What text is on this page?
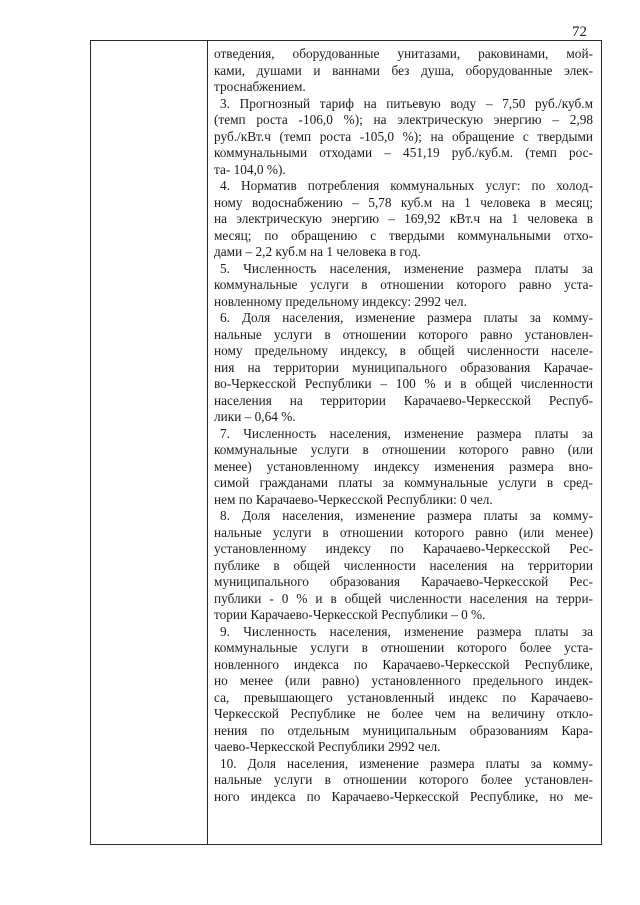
72
отведения, оборудованные унитазами, раковинами, мой-
ками, душами и ваннами без душа, оборудованные элек-
троснабжением.
3. Прогнозный тариф на питьевую воду – 7,50 руб./куб.м
(темп роста -106,0 %); на электрическую энергию – 2,98
руб./кВт.ч (темп роста -105,0 %); на обращение с твердыми
коммунальными отходами – 451,19 руб./куб.м. (темп рос-
та- 104,0 %).
4. Норматив потребления коммунальных услуг: по холод-
ному водоснабжению – 5,78 куб.м на 1 человека в месяц;
на электрическую энергию – 169,92 кВт.ч на 1 человека в
месяц; по обращению с твердыми коммунальными отхо-
дами – 2,2 куб.м на 1 человека в год.
5. Численность населения, изменение размера платы за
коммунальные услуги в отношении которого равно уста-
новленному предельному индексу: 2992 чел.
6. Доля населения, изменение размера платы за комму-
нальные услуги в отношении которого равно установлен-
ному предельному индексу, в общей численности населе-
ния на территории муниципального образования Карачае-
во-Черкесской Республики – 100 % и в общей численности
населения на территории Карачаево-Черкесской Респуб-
лики – 0,64 %.
7. Численность населения, изменение размера платы за
коммунальные услуги в отношении которого равно (или
менее) установленному индексу изменения размера вно-
симой гражданами платы за коммунальные услуги в сред-
нем по Карачаево-Черкесской Республики: 0 чел.
8. Доля населения, изменение размера платы за комму-
нальные услуги в отношении которого равно (или менее)
установленному индексу по Карачаево-Черкесской Рес-
публике в общей численности населения на территории
муниципального образования Карачаево-Черкесской Рес-
публики - 0 % и в общей численности населения на терри-
тории Карачаево-Черкесской Республики – 0 %.
9. Численность населения, изменение размера платы за
коммунальные услуги в отношении которого более уста-
новленного индекса по Карачаево-Черкесской Республике,
но менее (или равно) установленного предельного индек-
са, превышающего установленный индекс по Карачаево-
Черкесской Республике не более чем на величину откло-
нения по отдельным муниципальным образованиям Кара-
чаево-Черкесской Республики 2992 чел.
10. Доля населения, изменение размера платы за комму-
нальные услуги в отношении которого более установлен-
ного индекса по Карачаево-Черкесской Республике, но ме-
